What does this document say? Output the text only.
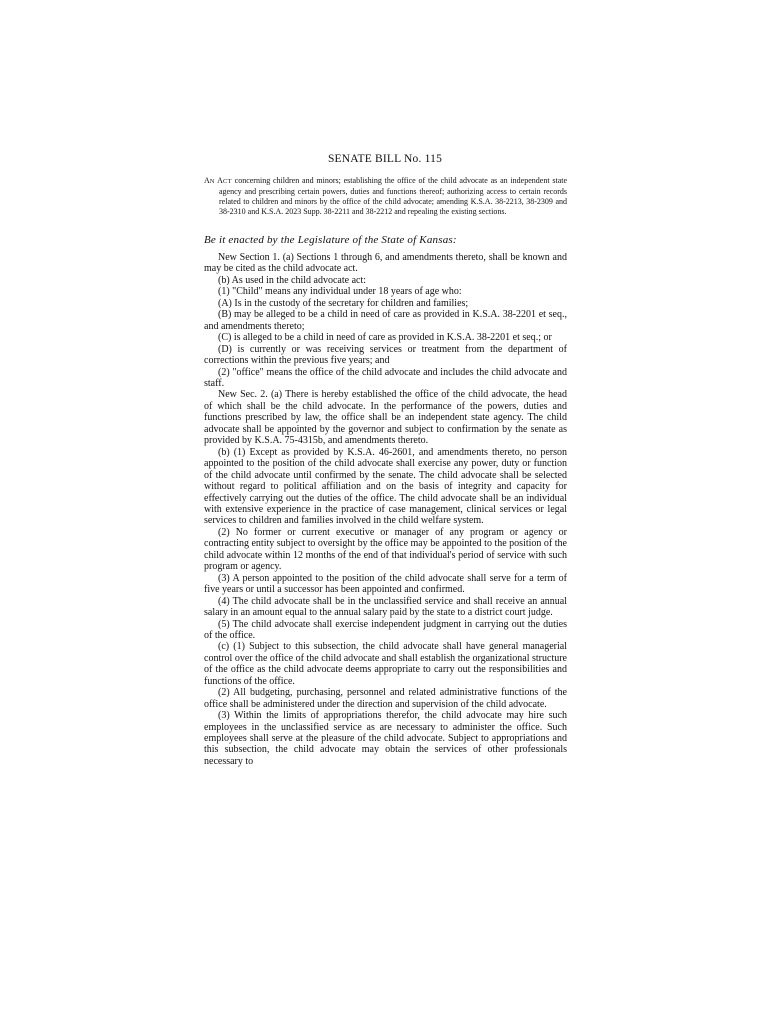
SENATE BILL No. 115
AN ACT concerning children and minors; establishing the office of the child advocate as an independent state agency and prescribing certain powers, duties and functions thereof; authorizing access to certain records related to children and minors by the office of the child advocate; amending K.S.A. 38-2213, 38-2309 and 38-2310 and K.S.A. 2023 Supp. 38-2211 and 38-2212 and repealing the existing sections.
Be it enacted by the Legislature of the State of Kansas:

New Section 1. (a) Sections 1 through 6, and amendments thereto, shall be known and may be cited as the child advocate act.

(b) As used in the child advocate act:

(1) "Child" means any individual under 18 years of age who:

(A) Is in the custody of the secretary for children and families;

(B) may be alleged to be a child in need of care as provided in K.S.A. 38-2201 et seq., and amendments thereto;

(C) is alleged to be a child in need of care as provided in K.S.A. 38-2201 et seq.; or

(D) is currently or was receiving services or treatment from the department of corrections within the previous five years; and

(2) "office" means the office of the child advocate and includes the child advocate and staff.

New Sec. 2. (a) There is hereby established the office of the child advocate, the head of which shall be the child advocate. In the performance of the powers, duties and functions prescribed by law, the office shall be an independent state agency. The child advocate shall be appointed by the governor and subject to confirmation by the senate as provided by K.S.A. 75-4315b, and amendments thereto.

(b) (1) Except as provided by K.S.A. 46-2601, and amendments thereto, no person appointed to the position of the child advocate shall exercise any power, duty or function of the child advocate until confirmed by the senate. The child advocate shall be selected without regard to political affiliation and on the basis of integrity and capacity for effectively carrying out the duties of the office. The child advocate shall be an individual with extensive experience in the practice of case management, clinical services or legal services to children and families involved in the child welfare system.

(2) No former or current executive or manager of any program or agency or contracting entity subject to oversight by the office may be appointed to the position of the child advocate within 12 months of the end of that individual's period of service with such program or agency.

(3) A person appointed to the position of the child advocate shall serve for a term of five years or until a successor has been appointed and confirmed.

(4) The child advocate shall be in the unclassified service and shall receive an annual salary in an amount equal to the annual salary paid by the state to a district court judge.

(5) The child advocate shall exercise independent judgment in carrying out the duties of the office.

(c) (1) Subject to this subsection, the child advocate shall have general managerial control over the office of the child advocate and shall establish the organizational structure of the office as the child advocate deems appropriate to carry out the responsibilities and functions of the office.

(2) All budgeting, purchasing, personnel and related administrative functions of the office shall be administered under the direction and supervision of the child advocate.

(3) Within the limits of appropriations therefor, the child advocate may hire such employees in the unclassified service as are necessary to administer the office. Such employees shall serve at the pleasure of the child advocate. Subject to appropriations and this subsection, the child advocate may obtain the services of other professionals necessary to
